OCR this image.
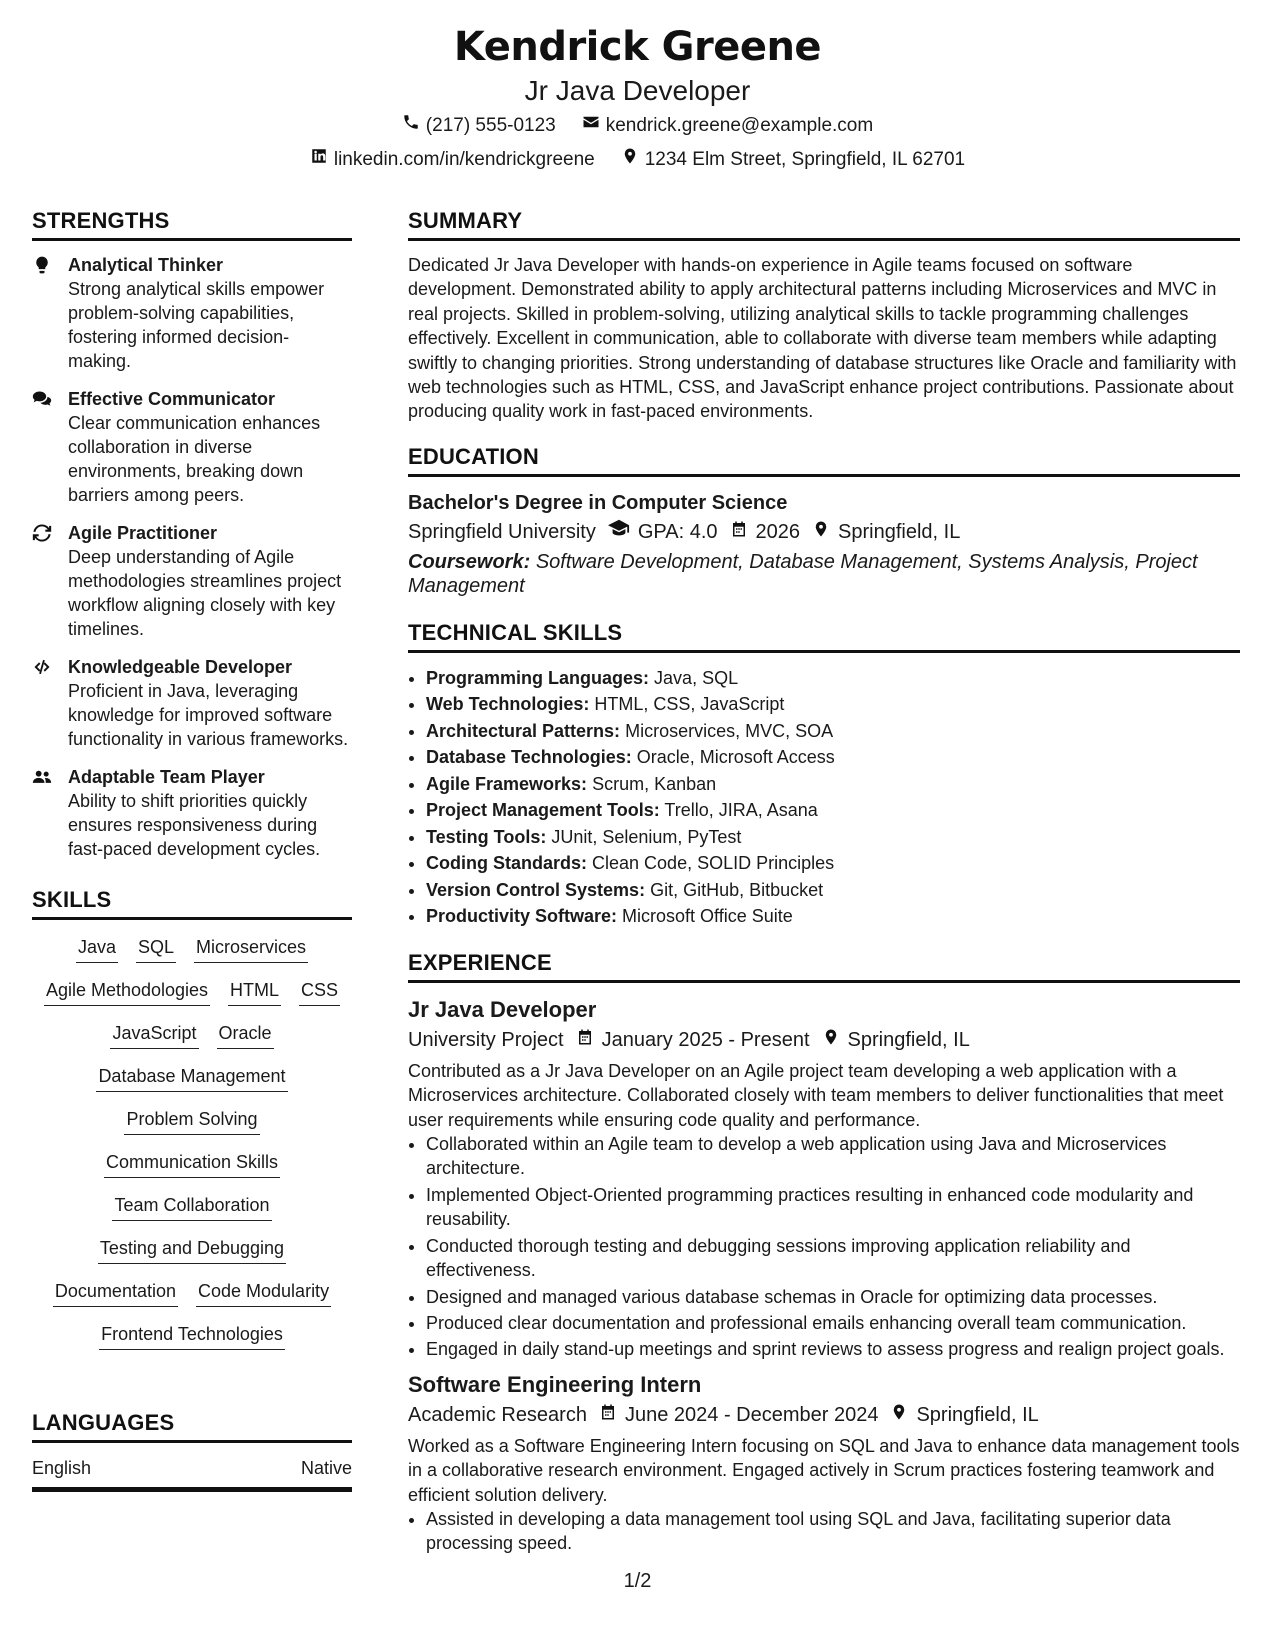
Kendrick Greene
Jr Java Developer
(217) 555-0123	kendrick.greene@example.com
linkedin.com/in/kendrickgreene	1234 Elm Street, Springfield, IL 62701
STRENGTHS
Analytical Thinker
Strong analytical skills empower problem-solving capabilities, fostering informed decision-making.
Effective Communicator
Clear communication enhances collaboration in diverse environments, breaking down barriers among peers.
Agile Practitioner
Deep understanding of Agile methodologies streamlines project workflow aligning closely with key timelines.
Knowledgeable Developer
Proficient in Java, leveraging knowledge for improved software functionality in various frameworks.
Adaptable Team Player
Ability to shift priorities quickly ensures responsiveness during fast-paced development cycles.
SKILLS
Java SQL Microservices
Agile Methodologies HTML CSS
JavaScript Oracle
Database Management
Problem Solving
Communication Skills
Team Collaboration
Testing and Debugging
Documentation Code Modularity
Frontend Technologies
LANGUAGES
English	Native
SUMMARY
Dedicated Jr Java Developer with hands-on experience in Agile teams focused on software development. Demonstrated ability to apply architectural patterns including Microservices and MVC in real projects. Skilled in problem-solving, utilizing analytical skills to tackle programming challenges effectively. Excellent in communication, able to collaborate with diverse team members while adapting swiftly to changing priorities. Strong understanding of database structures like Oracle and familiarity with web technologies such as HTML, CSS, and JavaScript enhance project contributions. Passionate about producing quality work in fast-paced environments.
EDUCATION
Bachelor's Degree in Computer Science
Springfield University GPA: 4.0 2026 Springfield, IL
Coursework: Software Development, Database Management, Systems Analysis, Project Management
TECHNICAL SKILLS
• Programming Languages: Java, SQL
• Web Technologies: HTML, CSS, JavaScript
• Architectural Patterns: Microservices, MVC, SOA
• Database Technologies: Oracle, Microsoft Access
• Agile Frameworks: Scrum, Kanban
• Project Management Tools: Trello, JIRA, Asana
• Testing Tools: JUnit, Selenium, PyTest
• Coding Standards: Clean Code, SOLID Principles
• Version Control Systems: Git, GitHub, Bitbucket
• Productivity Software: Microsoft Office Suite
EXPERIENCE
Jr Java Developer
University Project January 2025 - Present Springfield, IL
Contributed as a Jr Java Developer on an Agile project team developing a web application with a Microservices architecture. Collaborated closely with team members to deliver functionalities that meet user requirements while ensuring code quality and performance.
• Collaborated within an Agile team to develop a web application using Java and Microservices architecture.
• Implemented Object-Oriented programming practices resulting in enhanced code modularity and reusability.
• Conducted thorough testing and debugging sessions improving application reliability and effectiveness.
• Designed and managed various database schemas in Oracle for optimizing data processes.
• Produced clear documentation and professional emails enhancing overall team communication.
• Engaged in daily stand-up meetings and sprint reviews to assess progress and realign project goals.
Software Engineering Intern
Academic Research June 2024 - December 2024 Springfield, IL
Worked as a Software Engineering Intern focusing on SQL and Java to enhance data management tools in a collaborative research environment. Engaged actively in Scrum practices fostering teamwork and efficient solution delivery.
• Assisted in developing a data management tool using SQL and Java, facilitating superior data processing speed.
1/2
